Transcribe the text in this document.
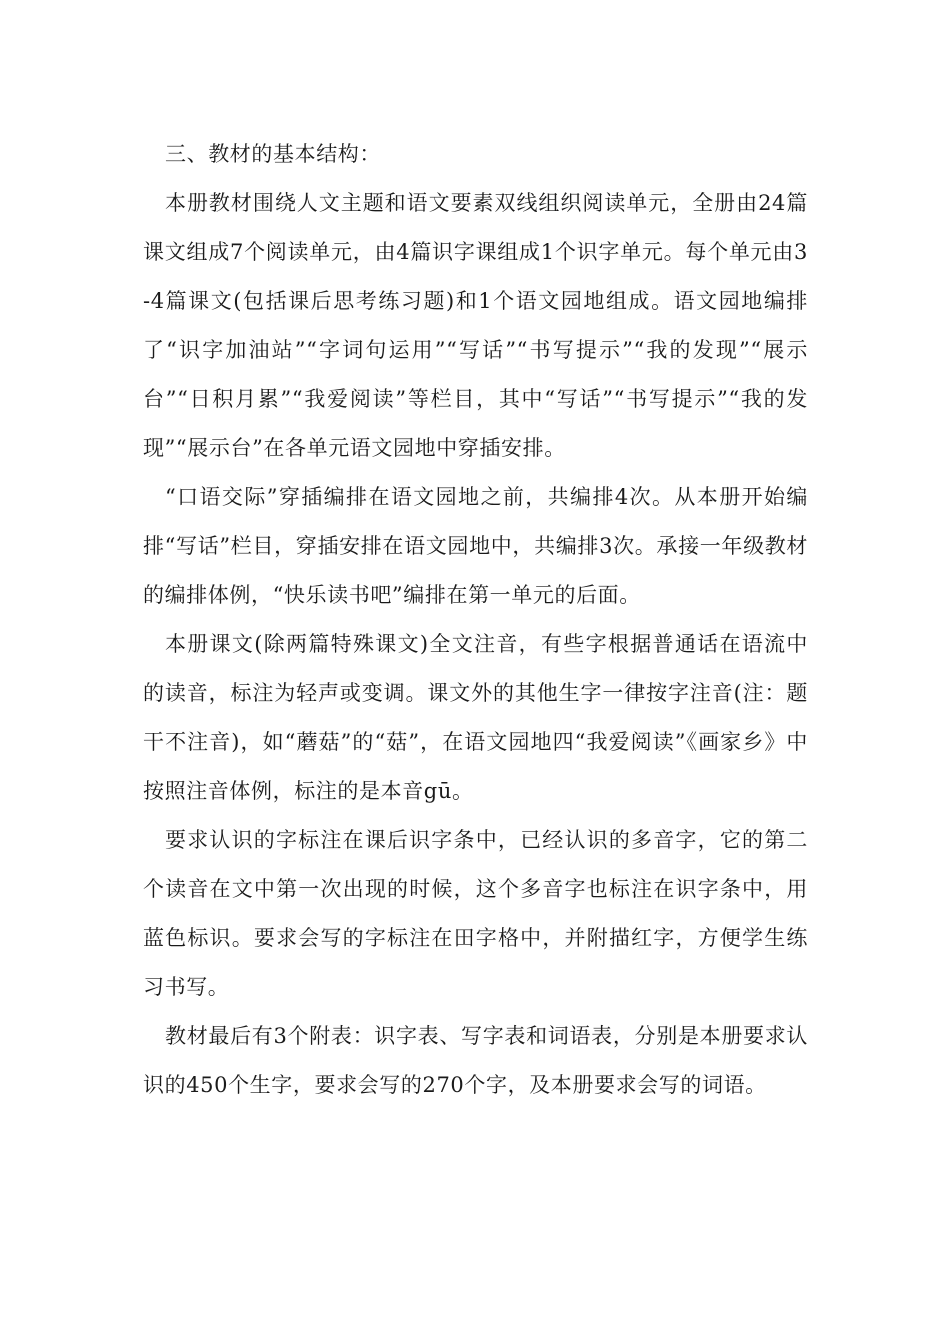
三、教材的基本结构：

本册教材围绕人文主题和语文要素双线组织阅读单元，全册由24篇课文组成7个阅读单元，由4篇识字课组成1个识字单元。每个单元由3-4篇课文(包括课后思考练习题)和1个语文园地组成。语文园地编排了“识字加油站”“字词句运用”“写话”“书写提示”“我的发现”“展示台”“日积月累”“我爱阅读”等栏目，其中“写话”“书写提示”“我的发现”“展示台”在各单元语文园地中穿插安排。

“口语交际”穿插编排在语文园地之前，共编排4次。从本册开始编排“写话”栏目，穿插安排在语文园地中，共编排3次。承接一年级教材的编排体例，“快乐读书吧”编排在第一单元的后面。

本册课文(除两篇特殊课文)全文注音，有些字根据普通话在语流中的读音，标注为轻声或变调。课文外的其他生字一律按字注音(注：题干不注音)，如“蘑菇”的“菇”，在语文园地四“我爱阅读”《画家乡》中按照注音体例，标注的是本音gū。

要求认识的字标注在课后识字条中，已经认识的多音字，它的第二个读音在文中第一次出现的时候，这个多音字也标注在识字条中，用蓝色标识。要求会写的字标注在田字格中，并附描红字，方便学生练习书写。

教材最后有3个附表：识字表、写字表和词语表，分别是本册要求认识的450个生字，要求会写的270个字，及本册要求会写的词语。
